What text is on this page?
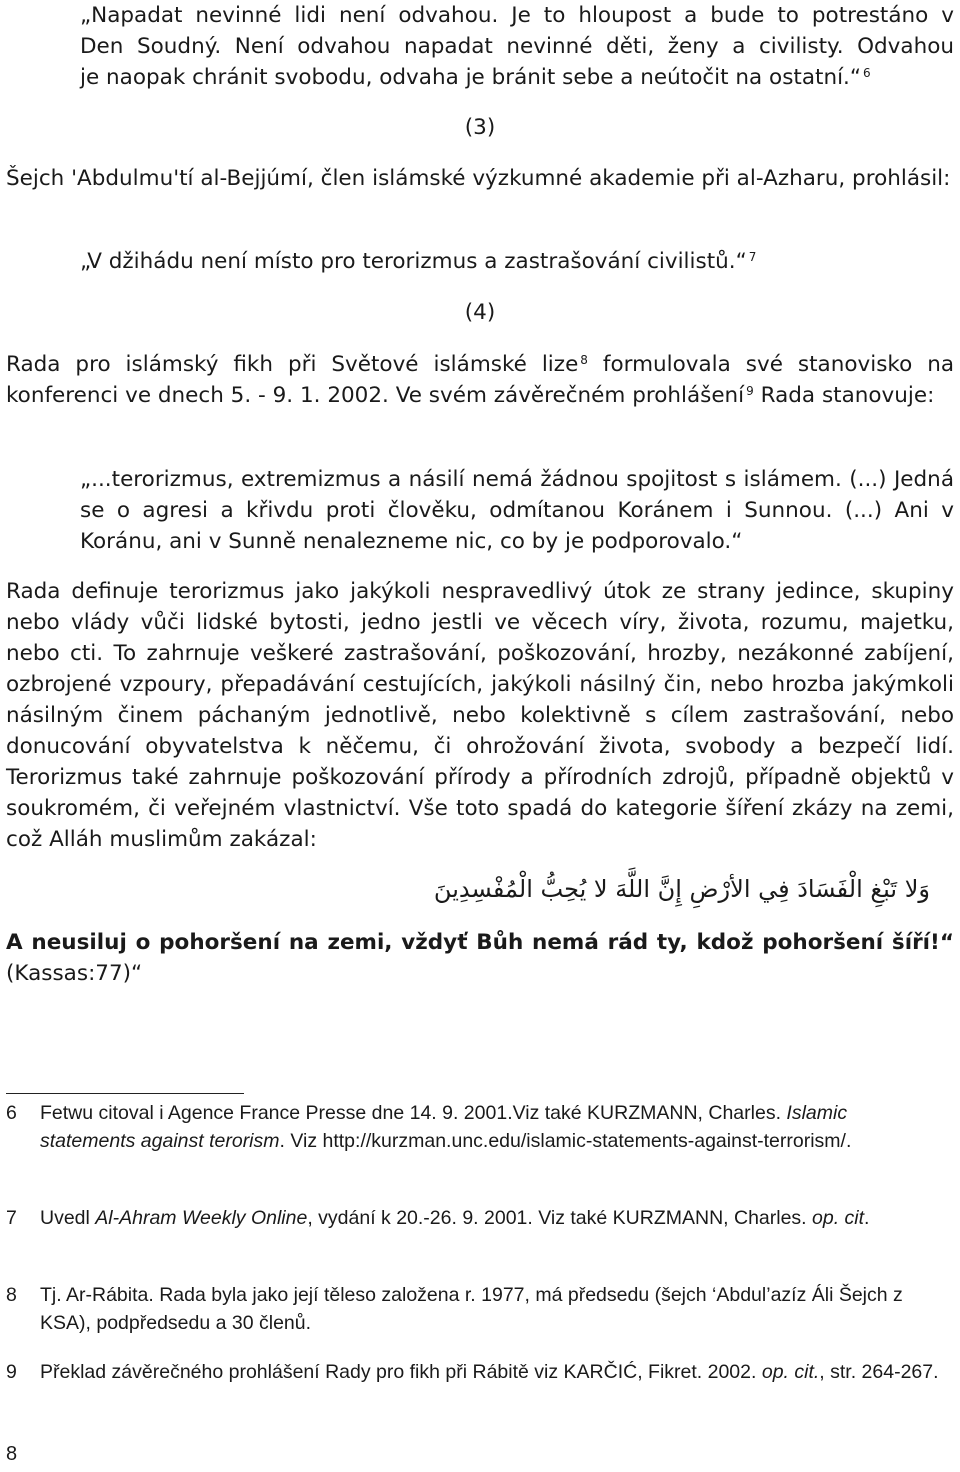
„Napadat nevinné lidi není odvahou. Je to hloupost a bude to potrestáno v

Den Soudný. Není odvahou napadat nevinné děti, ženy a civilisty. Odvahou

je naopak chránit svobodu, odvaha je bránit sebe a neútočit na ostatní.“ $^6$

(3)

Šejch 'Abdulmu'tí al-Bejjúmí, člen islámské výzkumné akademie při al-Azharu, prohlásil:

„V džihádu není místo pro terorizmus a zastrašování civilistů.“ $^7$

(4)

Rada pro islámský fikh při Světové islámské lize $^8$ formulovala své stanovisko na konferenci ve dnech 5. - 9. 1. 2002. Ve svém závěrečném prohlášení $^9$ Rada stanovuje:

„...terorizmus, extremizmus a násilí nemá žádnou spojitost s islámem. (...) Jedná se o agresi a křivdu proti člověku, odmítanou Koránem i Sunnou. (...) Ani v Koránu, ani v Sunně nenalezneme nic, co by je podporovalo.“

Rada definuje terorizmus jako jakýkoli nespravedlivý útok ze strany jedince, skupiny nebo vlády vůči lidské bytosti, jedno jestli ve věcech víry, života, rozumu, majetku, nebo cti. To zahrnuje veškeré zastrašování, poškozování, hrozby, nezákonné zabíjení, ozbrojené vzpoury, přepadávání cestujících, jakýkoli násilný čin, nebo hrozba jakýmkoli násilným činem páchaným jednotlivě, nebo kolektivně s cílem zastrašování, nebo donucování obyvatelstva k něčemu, či ohrožování života, svobody a bezpečí lidí. Terorizmus také zahrnuje poškozování přírody a přírodních zdrojů, případně objektů v soukromém, či veřejném vlastnictví. Vše toto spadá do kategorie šíření zkázy na zemi, což Alláh muslimům zakázal:

وَلا تَبْغِ الْفَسَادَ فِي الأرْضِ إِنَّ اللَّهَ لا يُحِبُّ الْمُفْسِدِينَ

A neusiluj o pohoršení na zemi, vždyť Bůh nemá rád ty, kdož pohoršení šíří!“ (Kassas:77)“

6	Fetwu citoval i Agence France Presse dne 14. 9. 2001.Viz také KURZMANN, Charles. Islamic statements against terorism. Viz http://kurzman.unc.edu/islamic-statements-against-terrorism/.
7	Uvedl Al-Ahram Weekly Online, vydání k 20.-26. 9. 2001. Viz také KURZMANN, Charles. op. cit.
8	Tj. Ar-Rábita. Rada byla jako její těleso založena r. 1977, má předsedu (šejch ‘Abdul’azíz Áli Šejch z KSA), podpředsedu a 30 členů.
9	Překlad závěrečného prohlášení Rady pro fikh při Rábitě viz KARČIĆ, Fikret. 2002. op. cit., str. 264-267.
8
